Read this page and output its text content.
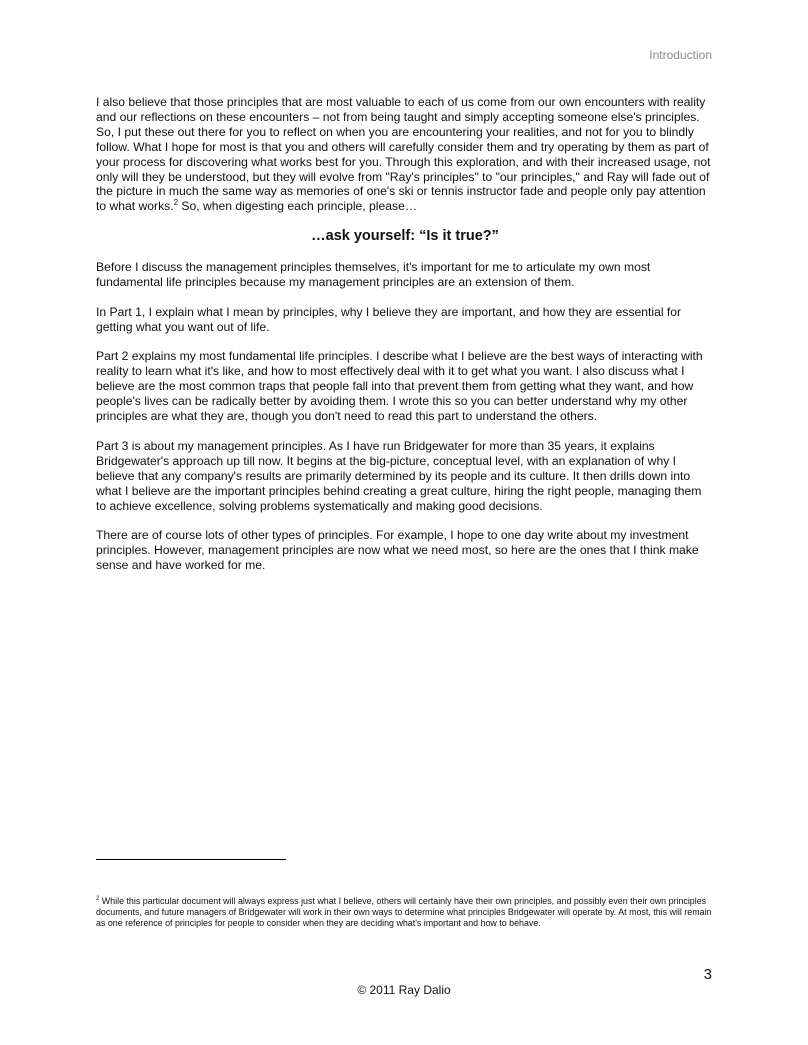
Introduction

I also believe that those principles that are most valuable to each of us come from our own encounters with reality and our reflections on these encounters – not from being taught and simply accepting someone else's principles. So, I put these out there for you to reflect on when you are encountering your realities, and not for you to blindly follow. What I hope for most is that you and others will carefully consider them and try operating by them as part of your process for discovering what works best for you. Through this exploration, and with their increased usage, not only will they be understood, but they will evolve from "Ray's principles" to "our principles," and Ray will fade out of the picture in much the same way as memories of one's ski or tennis instructor fade and people only pay attention to what works.$^2$ So, when digesting each principle, please…

…ask yourself: “Is it true?”

Before I discuss the management principles themselves, it's important for me to articulate my own most fundamental life principles because my management principles are an extension of them.

In Part 1, I explain what I mean by principles, why I believe they are important, and how they are essential for getting what you want out of life.

Part 2 explains my most fundamental life principles. I describe what I believe are the best ways of interacting with reality to learn what it's like, and how to most effectively deal with it to get what you want. I also discuss what I believe are the most common traps that people fall into that prevent them from getting what they want, and how people's lives can be radically better by avoiding them. I wrote this so you can better understand why my other principles are what they are, though you don't need to read this part to understand the others.

Part 3 is about my management principles. As I have run Bridgewater for more than 35 years, it explains Bridgewater's approach up till now. It begins at the big-picture, conceptual level, with an explanation of why I believe that any company's results are primarily determined by its people and its culture. It then drills down into what I believe are the important principles behind creating a great culture, hiring the right people, managing them to achieve excellence, solving problems systematically and making good decisions.

There are of course lots of other types of principles. For example, I hope to one day write about my investment principles. However, management principles are now what we need most, so here are the ones that I think make sense and have worked for me.

$^2$ While this particular document will always express just what I believe, others will certainly have their own principles, and possibly even their own principles documents, and future managers of Bridgewater will work in their own ways to determine what principles Bridgewater will operate by. At most, this will remain as one reference of principles for people to consider when they are deciding what's important and how to behave.
3
© 2011 Ray Dalio
